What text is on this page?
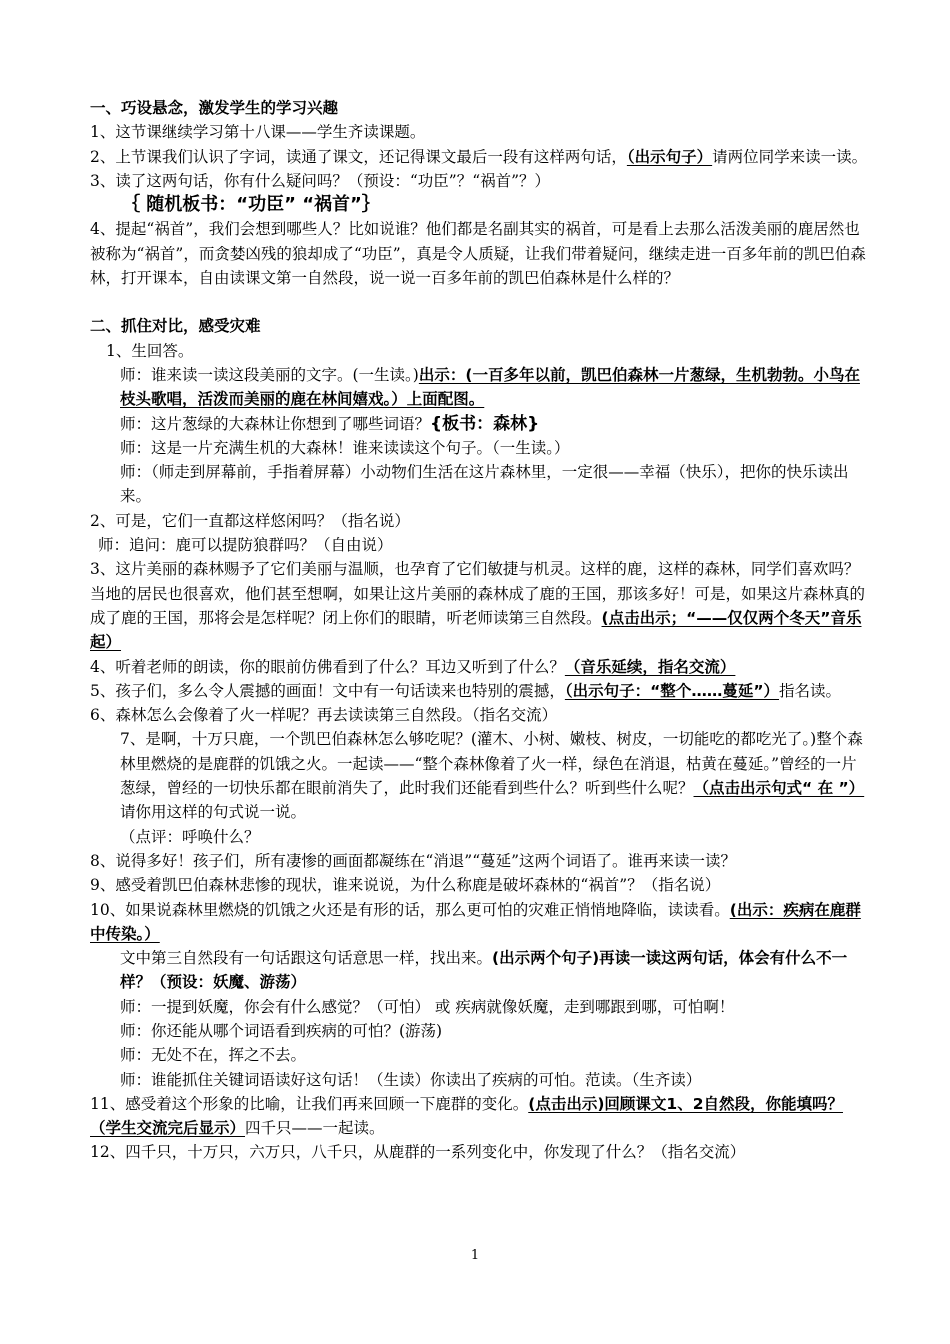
一、巧设悬念，激发学生的学习兴趣

1、这节课继续学习第十八课——学生齐读课题。

2、上节课我们认识了字词，读通了课文，还记得课文最后一段有这样两句话，（出示句子）请两位同学来读一读。

3、读了这两句话，你有什么疑问吗？（预设：“功臣”？“祸首”？）

｛ 随机板书：“功臣” “祸首”｝

4、提起“祸首”，我们会想到哪些人？比如说谁？他们都是名副其实的祸首，可是看上去那么活泼美丽的鹿居然也被称为“祸首”，而贪婪凶残的狼却成了“功臣”，真是令人质疑，让我们带着疑问，继续走进一百多年前的凯巴伯森林，打开课本，自由读课文第一自然段，说一说一百多年前的凯巴伯森林是什么样的？

二、抓住对比，感受灾难

1、生回答。

师：谁来读一读这段美丽的文字。(一生读。)出示：(一百多年以前，凯巴伯森林一片葱绿，生机勃勃。小鸟在枝头歌唱，活泼而美丽的鹿在林间嬉戏。）上面配图。

师：这片葱绿的大森林让你想到了哪些词语？{板书：森林}

师：这是一片充满生机的大森林！谁来读读这个句子。（一生读。）

师：（师走到屏幕前，手指着屏幕）小动物们生活在这片森林里，一定很——幸福（快乐），把你的快乐读出来。

2、可是，它们一直都这样悠闲吗？（指名说）

师：追问：鹿可以提防狼群吗？（自由说）

3、这片美丽的森林赐予了它们美丽与温顺，也孕育了它们敏捷与机灵。这样的鹿，这样的森林，同学们喜欢吗？当地的居民也很喜欢，他们甚至想啊，如果让这片美丽的森林成了鹿的王国，那该多好！可是，如果这片森林真的成了鹿的王国，那将会是怎样呢？闭上你们的眼睛，听老师读第三自然段。(点击出示；“——仅仅两个冬天”音乐起）

4、听着老师的朗读，你的眼前仿佛看到了什么？耳边又听到了什么？（音乐延续，指名交流）

5、孩子们，多么令人震撼的画面！文中有一句话读来也特别的震撼，（出示句子：“整个……蔓延”）指名读。

6、森林怎么会像着了火一样呢？再去读读第三自然段。（指名交流）

7、是啊，十万只鹿，一个凯巴伯森林怎么够吃呢？(灌木、小树、嫩枝、树皮，一切能吃的都吃光了。)整个森林里燃烧的是鹿群的饥饿之火。一起读——“整个森林像着了火一样，绿色在消退，枯黄在蔓延。”曾经的一片葱绿，曾经的一切快乐都在眼前消失了，此时我们还能看到些什么？听到些什么呢？（点击出示句式“ 在 ”）请你用这样的句式说一说。

（点评：呼唤什么？

8、说得多好！孩子们，所有凄惨的画面都凝练在“消退”“蔓延”这两个词语了。谁再来读一读？

9、感受着凯巴伯森林悲惨的现状，谁来说说，为什么称鹿是破坏森林的“祸首”？（指名说）

10、如果说森林里燃烧的饥饿之火还是有形的话，那么更可怕的灾难正悄悄地降临，读读看。(出示：疾病在鹿群中传染。）

文中第三自然段有一句话跟这句话意思一样，找出来。(出示两个句子)再读一读这两句话，体会有什么不一样？（预设：妖魔、游荡）

师：一提到妖魔，你会有什么感觉？（可怕） 或 疾病就像妖魔，走到哪跟到哪，可怕啊！

师：你还能从哪个词语看到疾病的可怕？(游荡)

师：无处不在，挥之不去。

师：谁能抓住关键词语读好这句话！（生读）你读出了疾病的可怕。范读。（生齐读）

11、感受着这个形象的比喻，让我们再来回顾一下鹿群的变化。(点击出示)回顾课文1、2自然段，你能填吗？（学生交流完后显示）四千只——一起读。

12、四千只，十万只，六万只，八千只，从鹿群的一系列变化中，你发现了什么？（指名交流）

1
